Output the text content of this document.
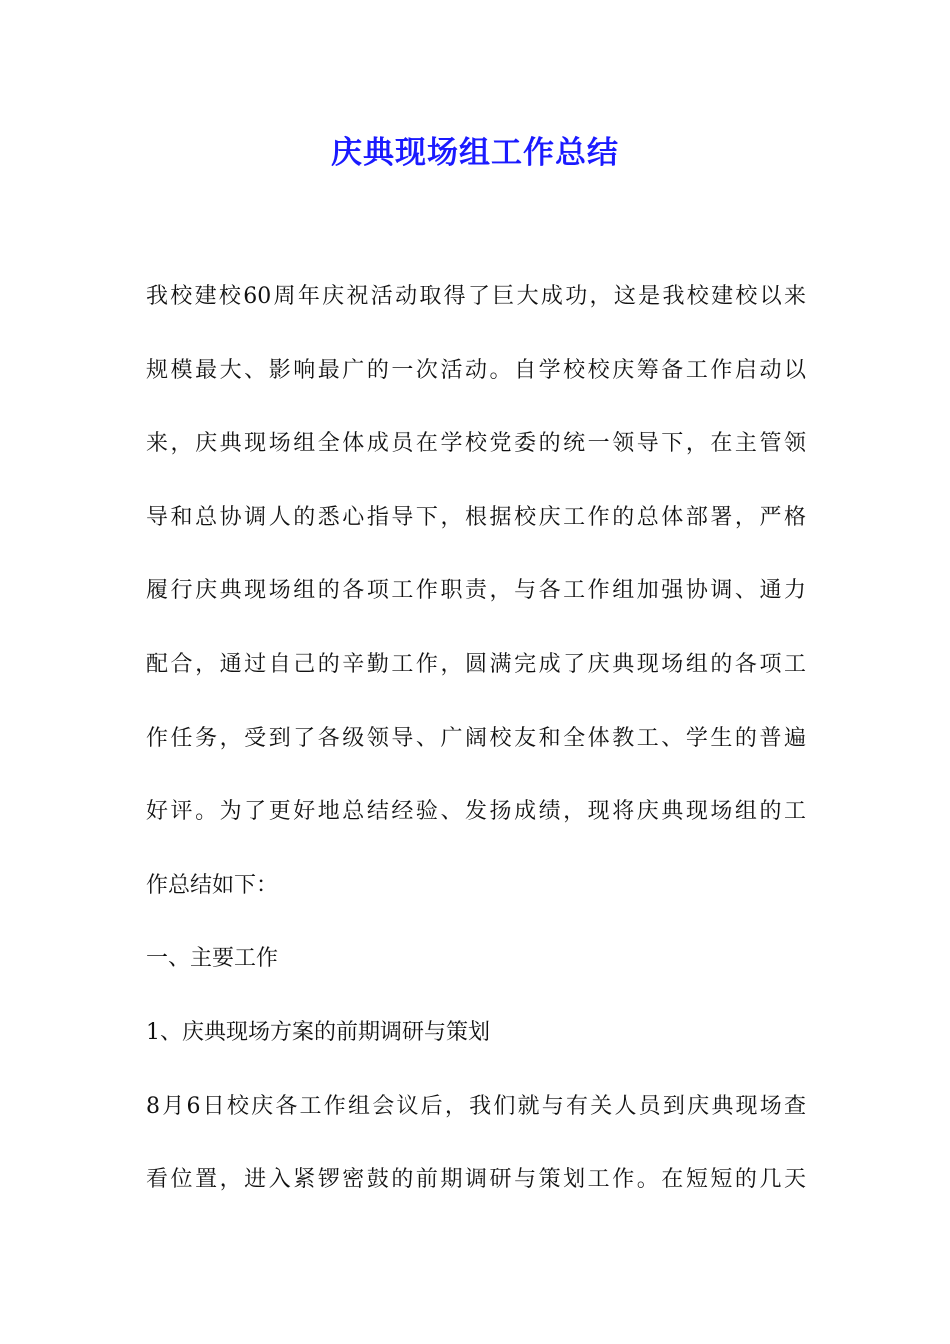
庆典现场组工作总结
我校建校60周年庆祝活动取得了巨大成功，这是我校建校以来
规模最大、影响最广的一次活动。自学校校庆筹备工作启动以
来，庆典现场组全体成员在学校党委的统一领导下，在主管领
导和总协调人的悉心指导下，根据校庆工作的总体部署，严格
履行庆典现场组的各项工作职责，与各工作组加强协调、通力
配合，通过自己的辛勤工作，圆满完成了庆典现场组的各项工
作任务，受到了各级领导、广阔校友和全体教工、学生的普遍
好评。为了更好地总结经验、发扬成绩，现将庆典现场组的工
作总结如下：
一、主要工作
1、庆典现场方案的前期调研与策划
8月6日校庆各工作组会议后，我们就与有关人员到庆典现场查
看位置，进入紧锣密鼓的前期调研与策划工作。在短短的几天
